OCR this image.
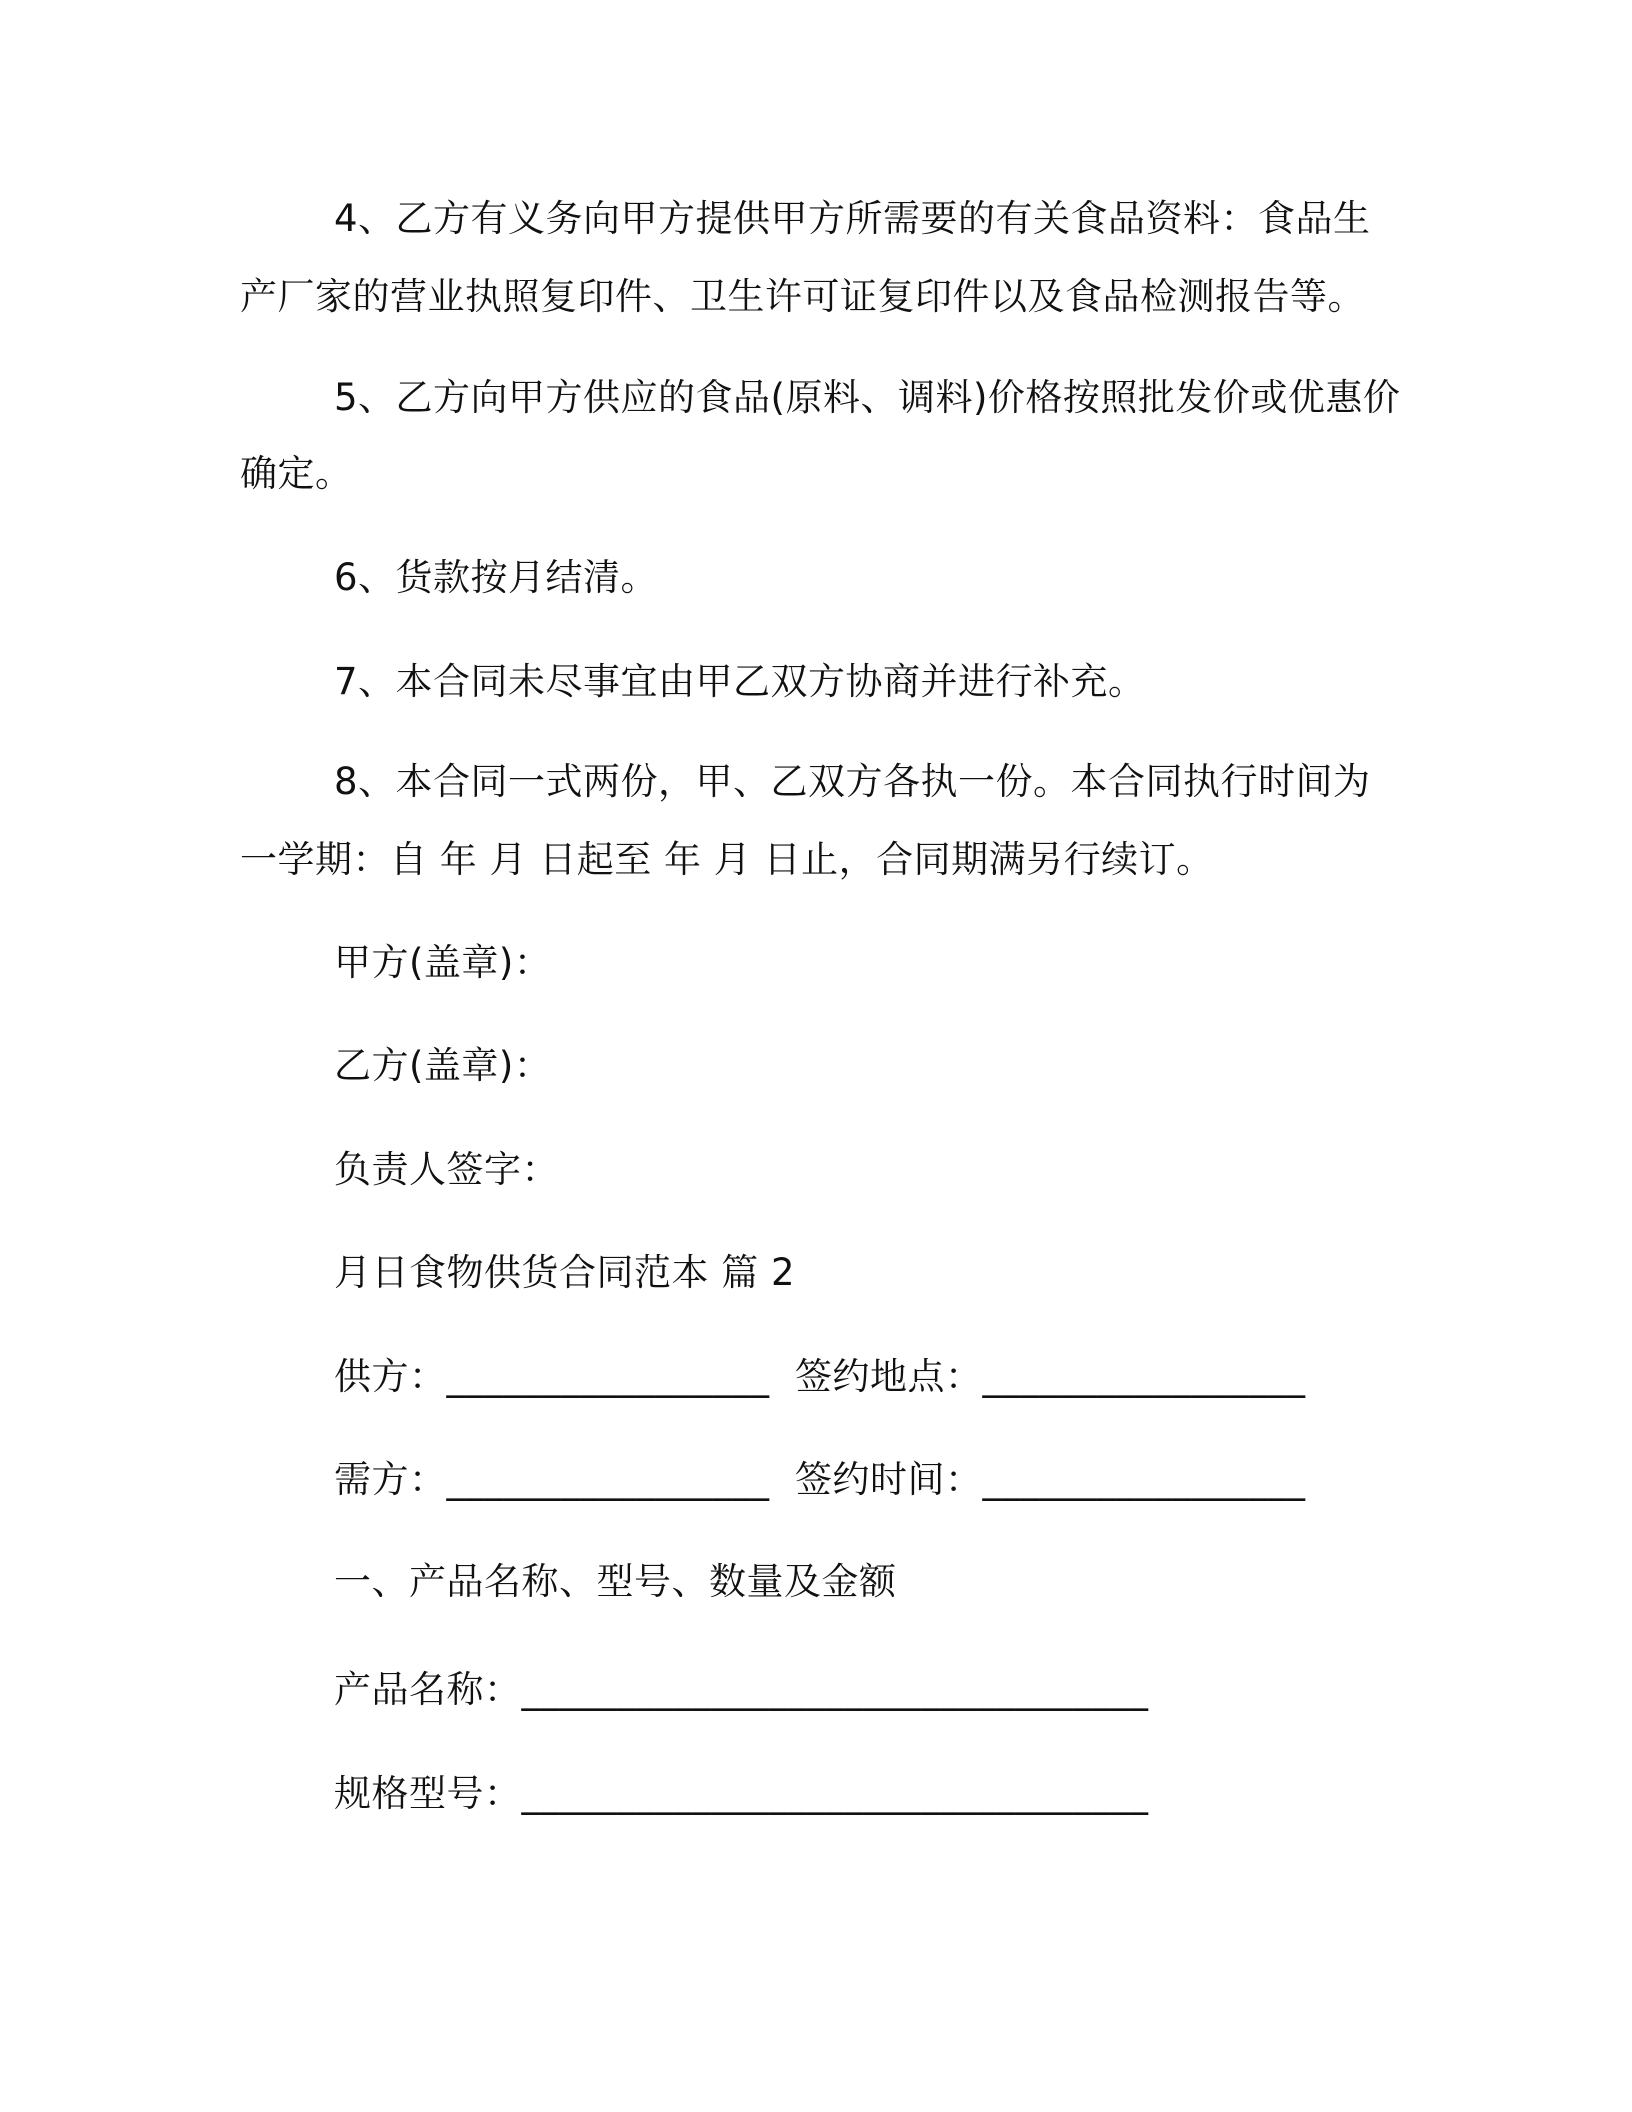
4、乙方有义务向甲方提供甲方所需要的有关食品资料：食品生
产厂家的营业执照复印件、卫生许可证复印件以及食品检测报告等。
5、乙方向甲方供应的食品(原料、调料)价格按照批发价或优惠价
确定。
6、货款按月结清。
7、本合同未尽事宜由甲乙双方协商并进行补充。
8、本合同一式两份，甲、乙双方各执一份。本合同执行时间为
一学期：自 年 月 日起至 年 月 日止，合同期满另行续订。
甲方(盖章)：
乙方(盖章)：
负责人签字：
月日食物供货合同范本 篇 2
供方：_________________ 签约地点：_________________
需方：_________________ 签约时间：_________________
一、产品名称、型号、数量及金额
产品名称：_________________________________
规格型号：_________________________________
